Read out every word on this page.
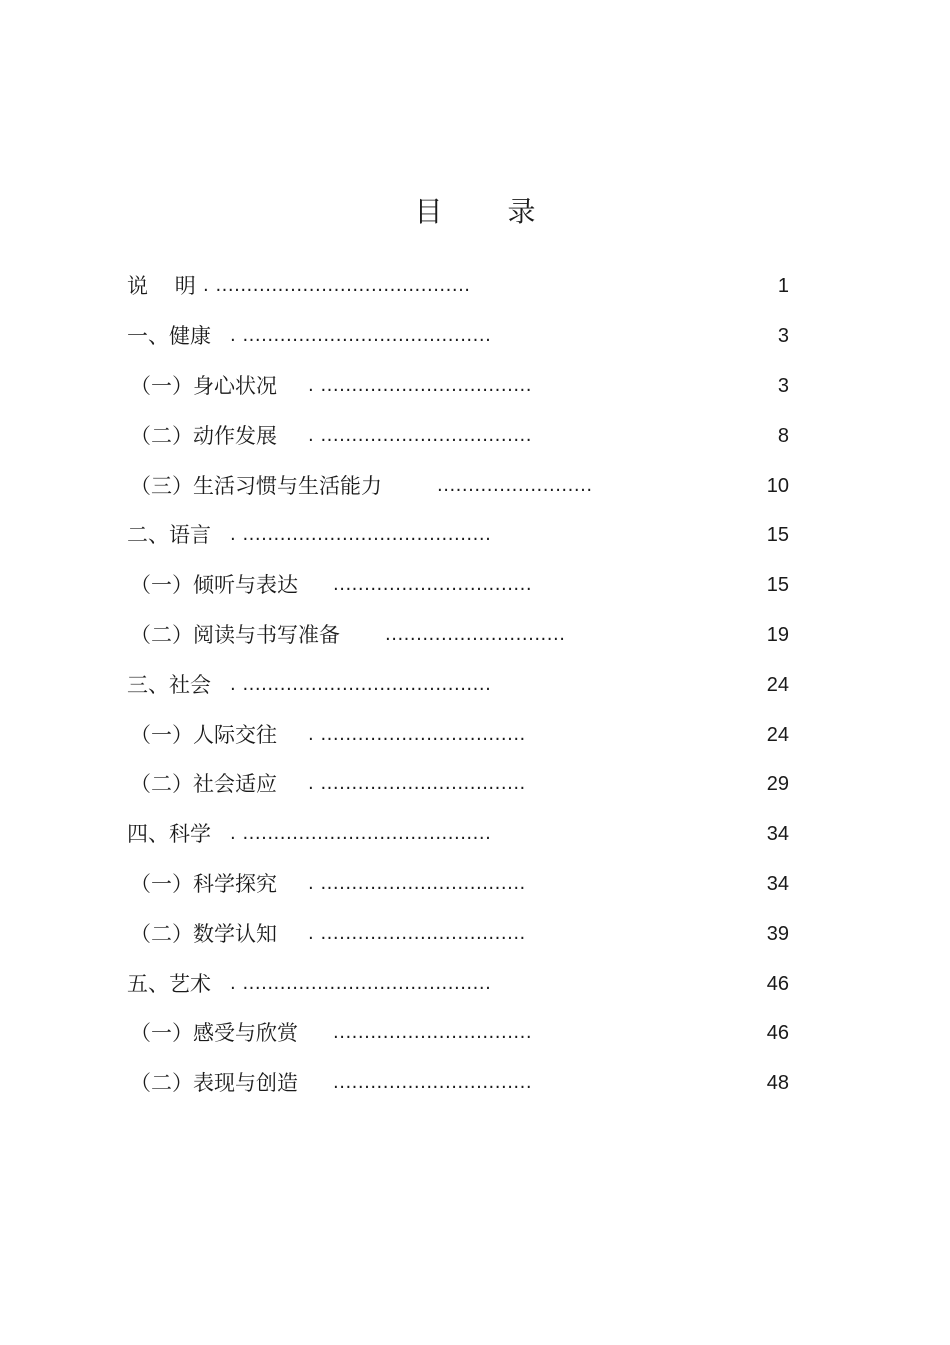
目 录
说    明 . .........................................	1
一、健康 . ........................................	3
（一）身心状况 . ..................................	3
（二）动作发展 . ..................................	8
（三）生活习惯与生活能力	.........................	10
二、语言 . ........................................	15
（一）倾听与表达 ................................	15
（二）阅读与书写准备	.............................	19
三、社会 . ........................................	24
（一）人际交往 . .................................	24
（二）社会适应 . .................................	29
四、科学 . ........................................	34
（一）科学探究 . .................................	34
（二）数学认知 . .................................	39
五、艺术 . ........................................	46
（一）感受与欣赏 ................................	46
（二）表现与创造 ................................	48
